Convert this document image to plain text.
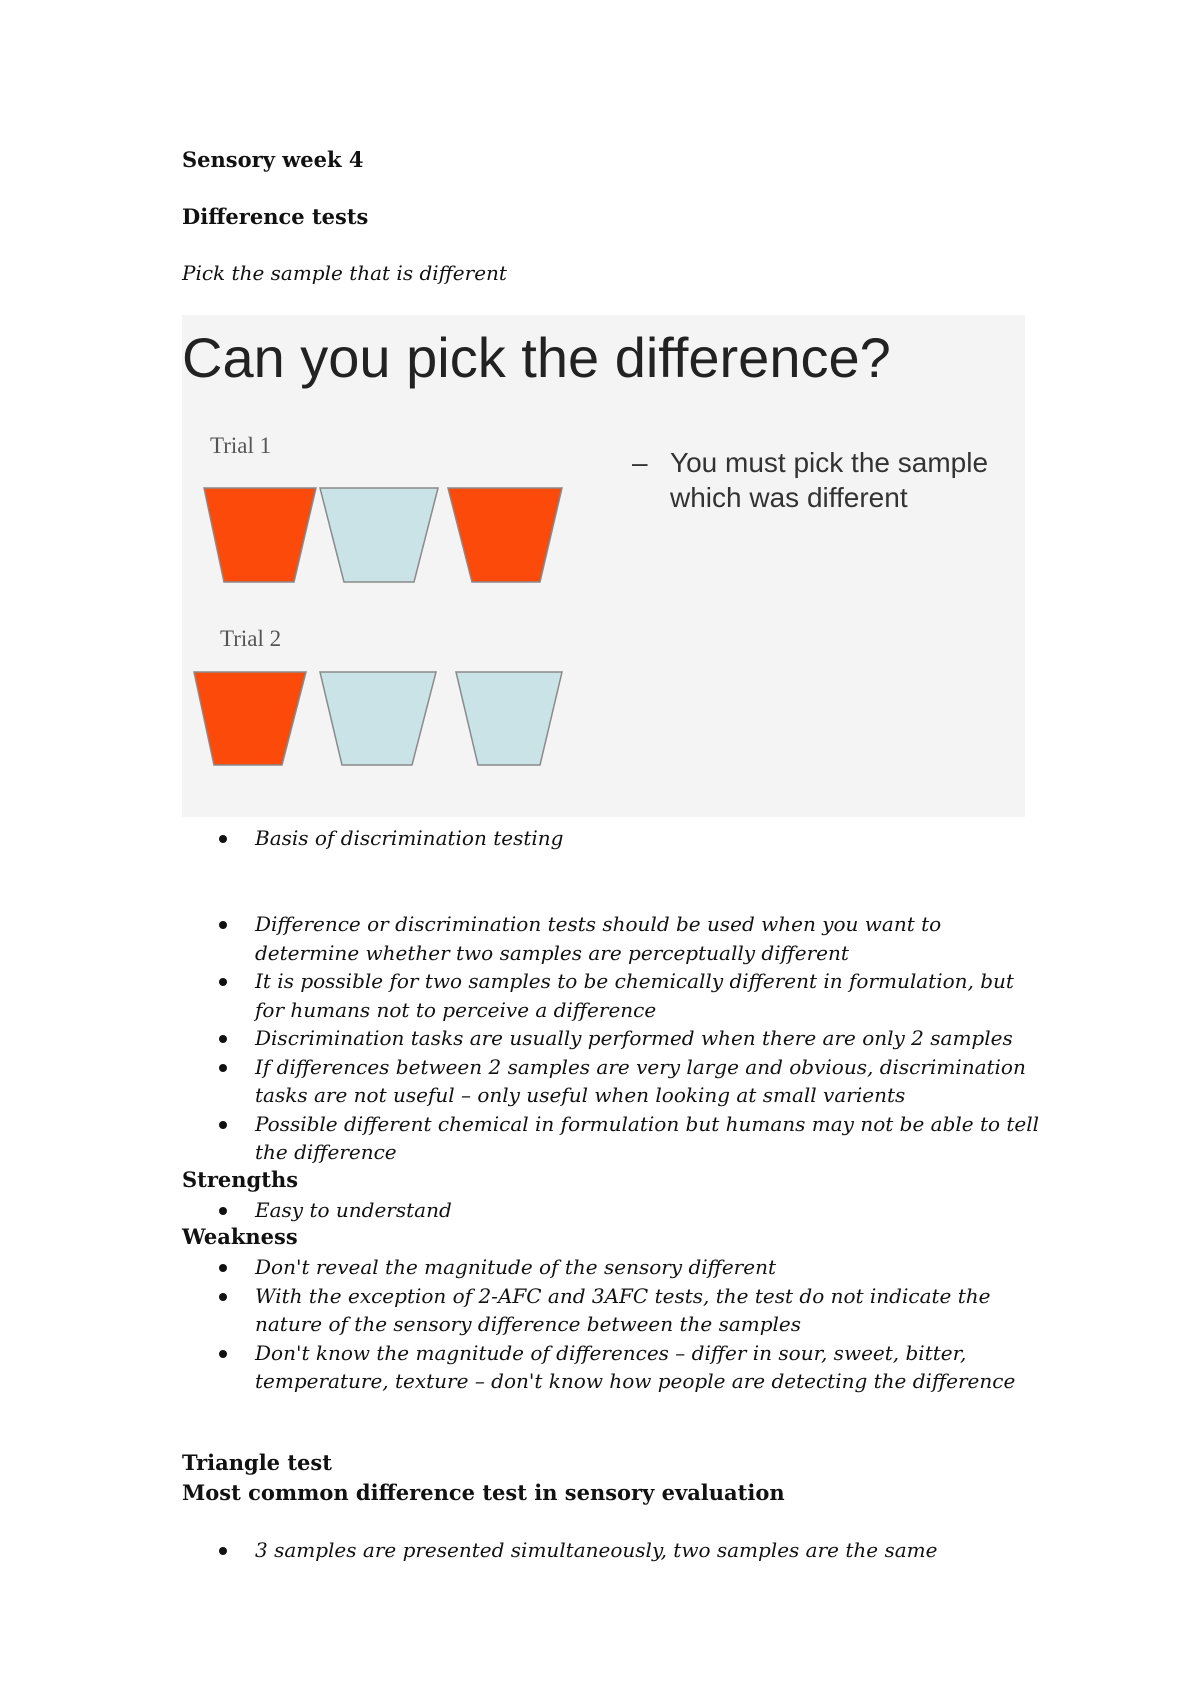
Sensory week 4
Difference tests

Pick the sample that is different

Can you pick the difference?
Trial 1
Trial 2
– You must pick the sample which was different
Basis of discrimination testing
Difference or discrimination tests should be used when you want to determine whether two samples are perceptually different
It is possible for two samples to be chemically different in formulation, but for humans not to perceive a difference
Discrimination tasks are usually performed when there are only 2 samples
If differences between 2 samples are very large and obvious, discrimination tasks are not useful – only useful when looking at small varients
Possible different chemical in formulation but humans may not be able to tell the difference
Strengths
Easy to understand
Weakness
Don't reveal the magnitude of the sensory different
With the exception of 2-AFC and 3AFC tests, the test do not indicate the nature of the sensory difference between the samples
Don't know the magnitude of differences – differ in sour, sweet, bitter, temperature, texture – don't know how people are detecting the difference
Triangle test
Most common difference test in sensory evaluation
3 samples are presented simultaneously, two samples are the same
